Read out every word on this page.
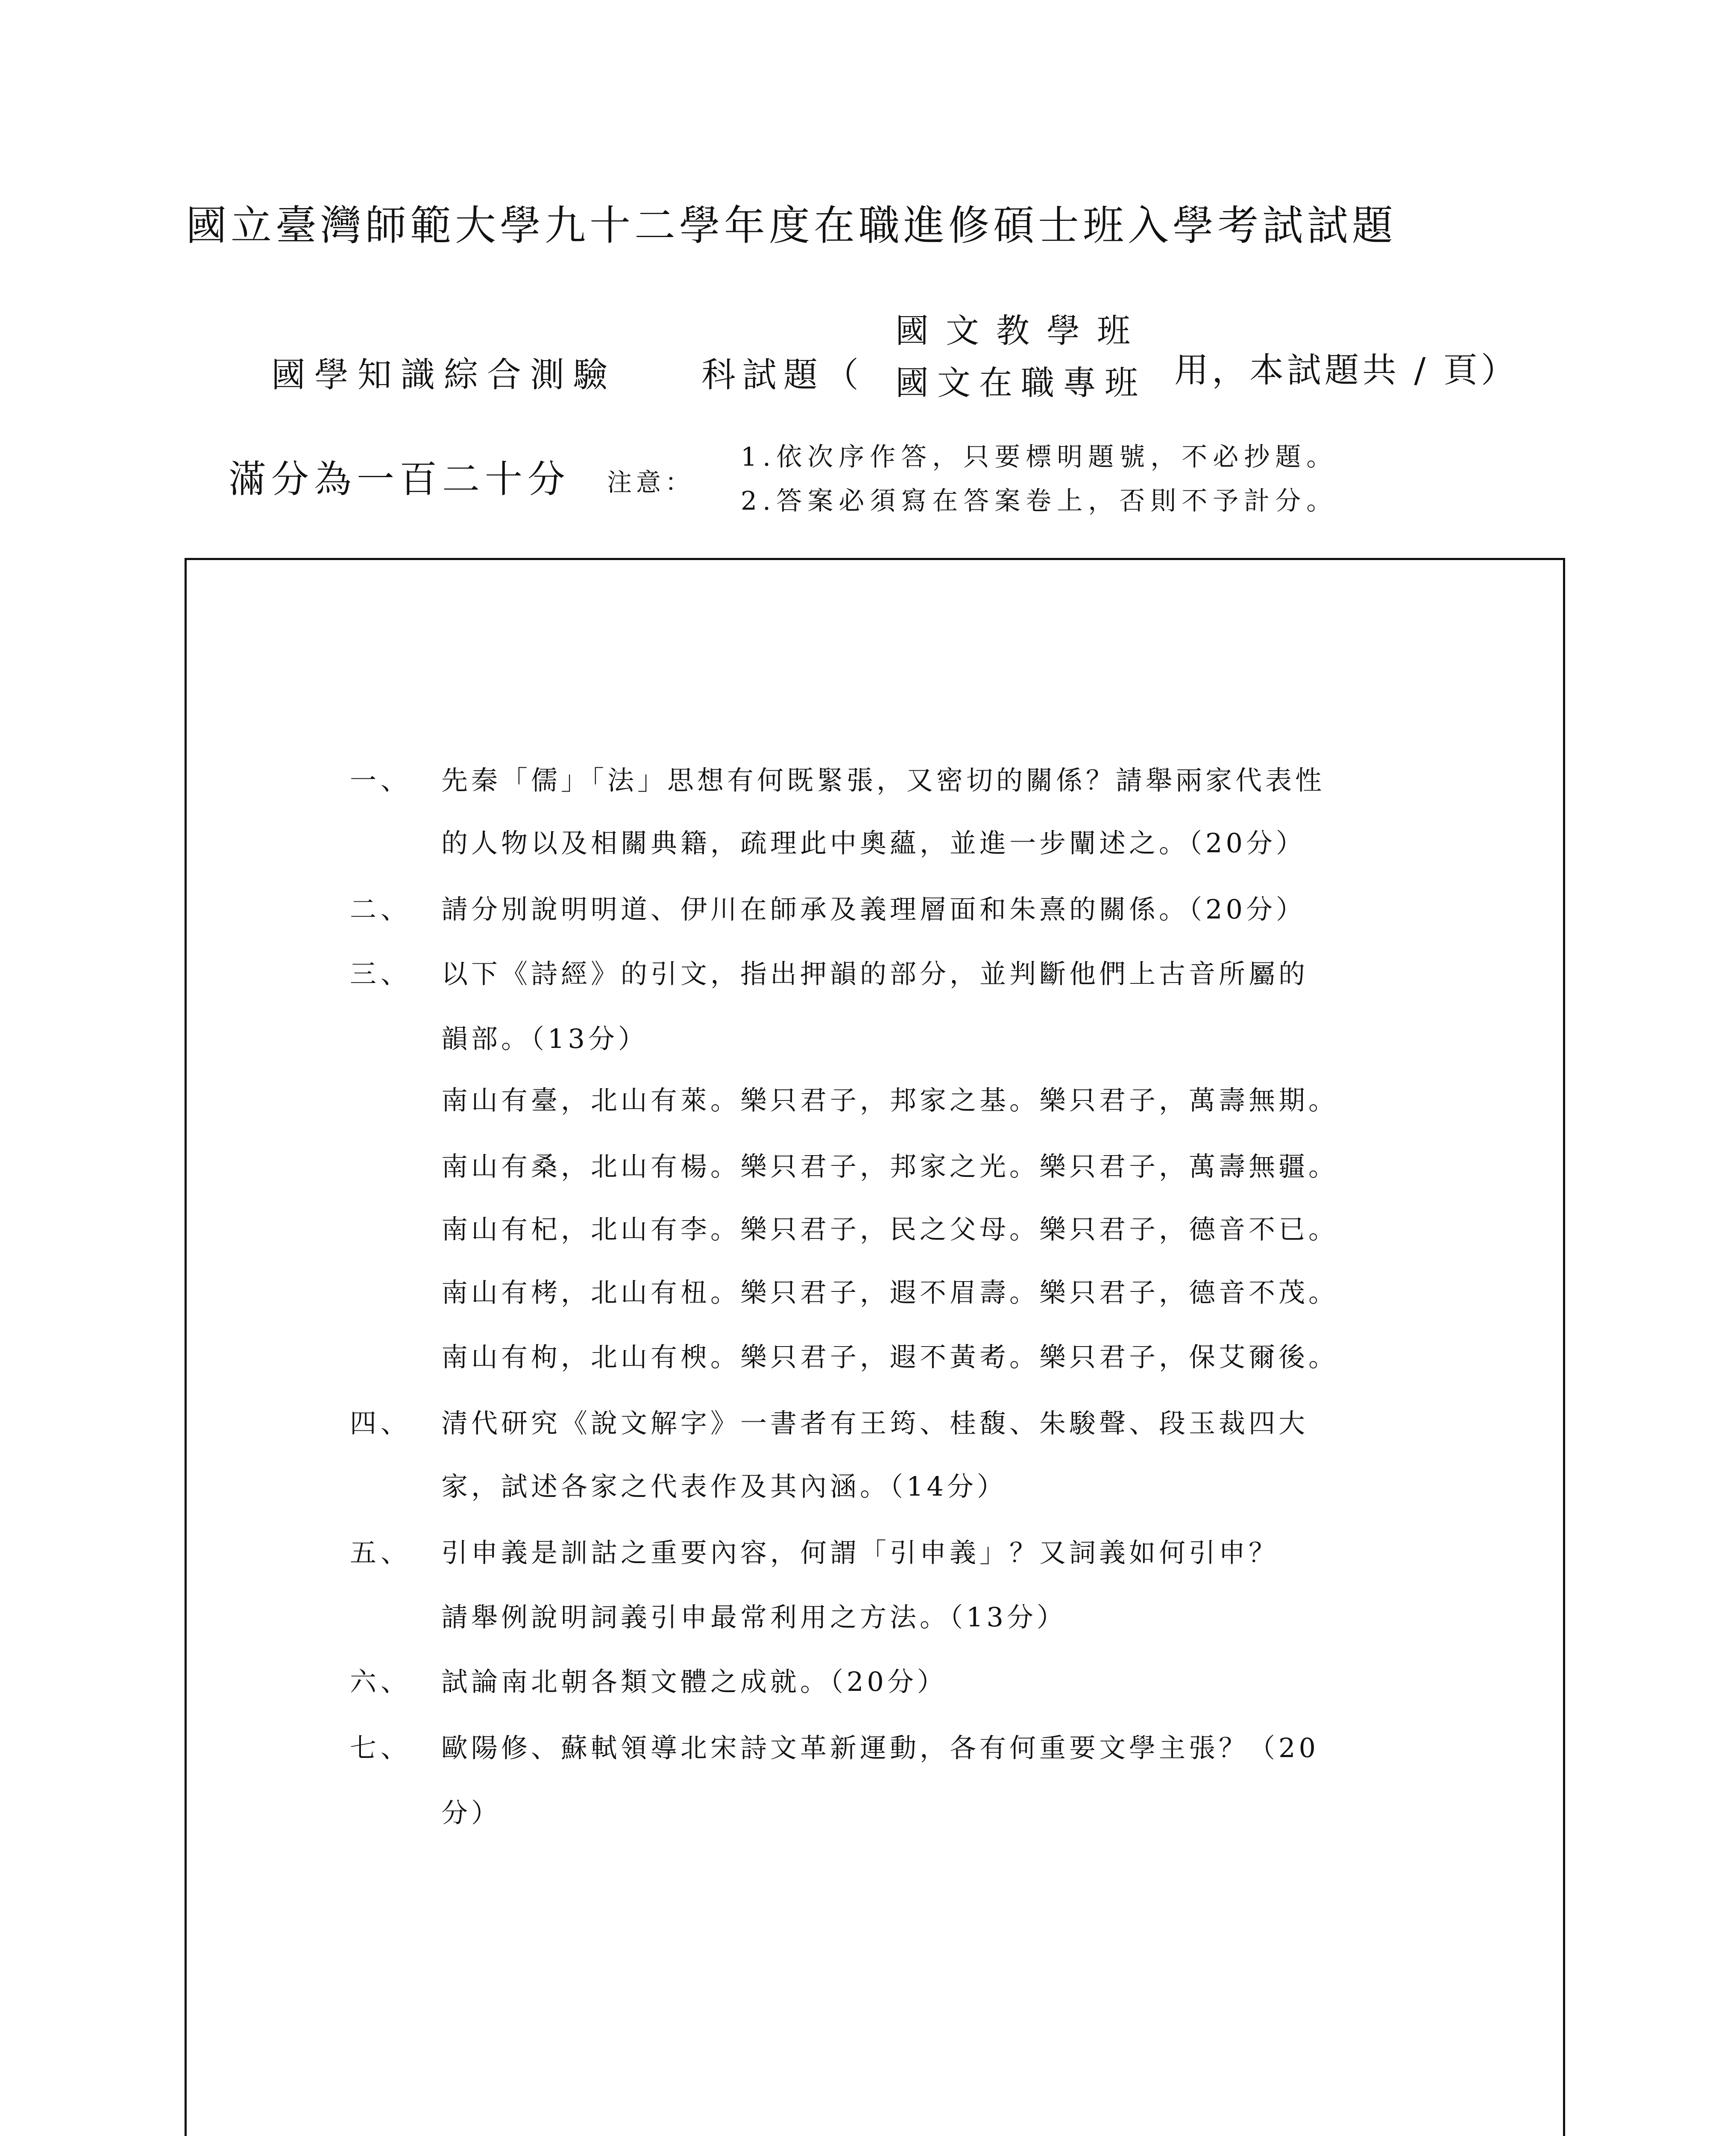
國立臺灣師範大學九十二學年度在職進修碩士班入學考試試題
國學知識綜合測驗 科試題（
國文教學班
國文在職專班 用，本試題共 / 頁）
滿分為一百二十分 注意：
1.依次序作答，只要標明題號，不必抄題。
2.答案必須寫在答案卷上，否則不予計分。
一、 先秦「儒」「法」思想有何既緊張，又密切的關係？請舉兩家代表性
的人物以及相關典籍，疏理此中奧蘊，並進一步闡述之。（20分）
二、 請分別說明明道、伊川在師承及義理層面和朱熹的關係。（20分）
三、 以下《詩經》的引文，指出押韻的部分，並判斷他們上古音所屬的
韻部。（13分）
南山有臺，北山有萊。樂只君子，邦家之基。樂只君子，萬壽無期。
南山有桑，北山有楊。樂只君子，邦家之光。樂只君子，萬壽無疆。
南山有杞，北山有李。樂只君子，民之父母。樂只君子，德音不已。
南山有栲，北山有杻。樂只君子，遐不眉壽。樂只君子，德音不茂。
南山有枸，北山有楰。樂只君子，遐不黃耇。樂只君子，保艾爾後。
四、 清代研究《說文解字》一書者有王筠、桂馥、朱駿聲、段玉裁四大
家，試述各家之代表作及其內涵。（14分）
五、 引申義是訓詁之重要內容，何謂「引申義」？又詞義如何引申？
請舉例說明詞義引申最常利用之方法。（13分）
六、 試論南北朝各類文體之成就。（20分）
七、 歐陽修、蘇軾領導北宋詩文革新運動，各有何重要文學主張？（20
分）
